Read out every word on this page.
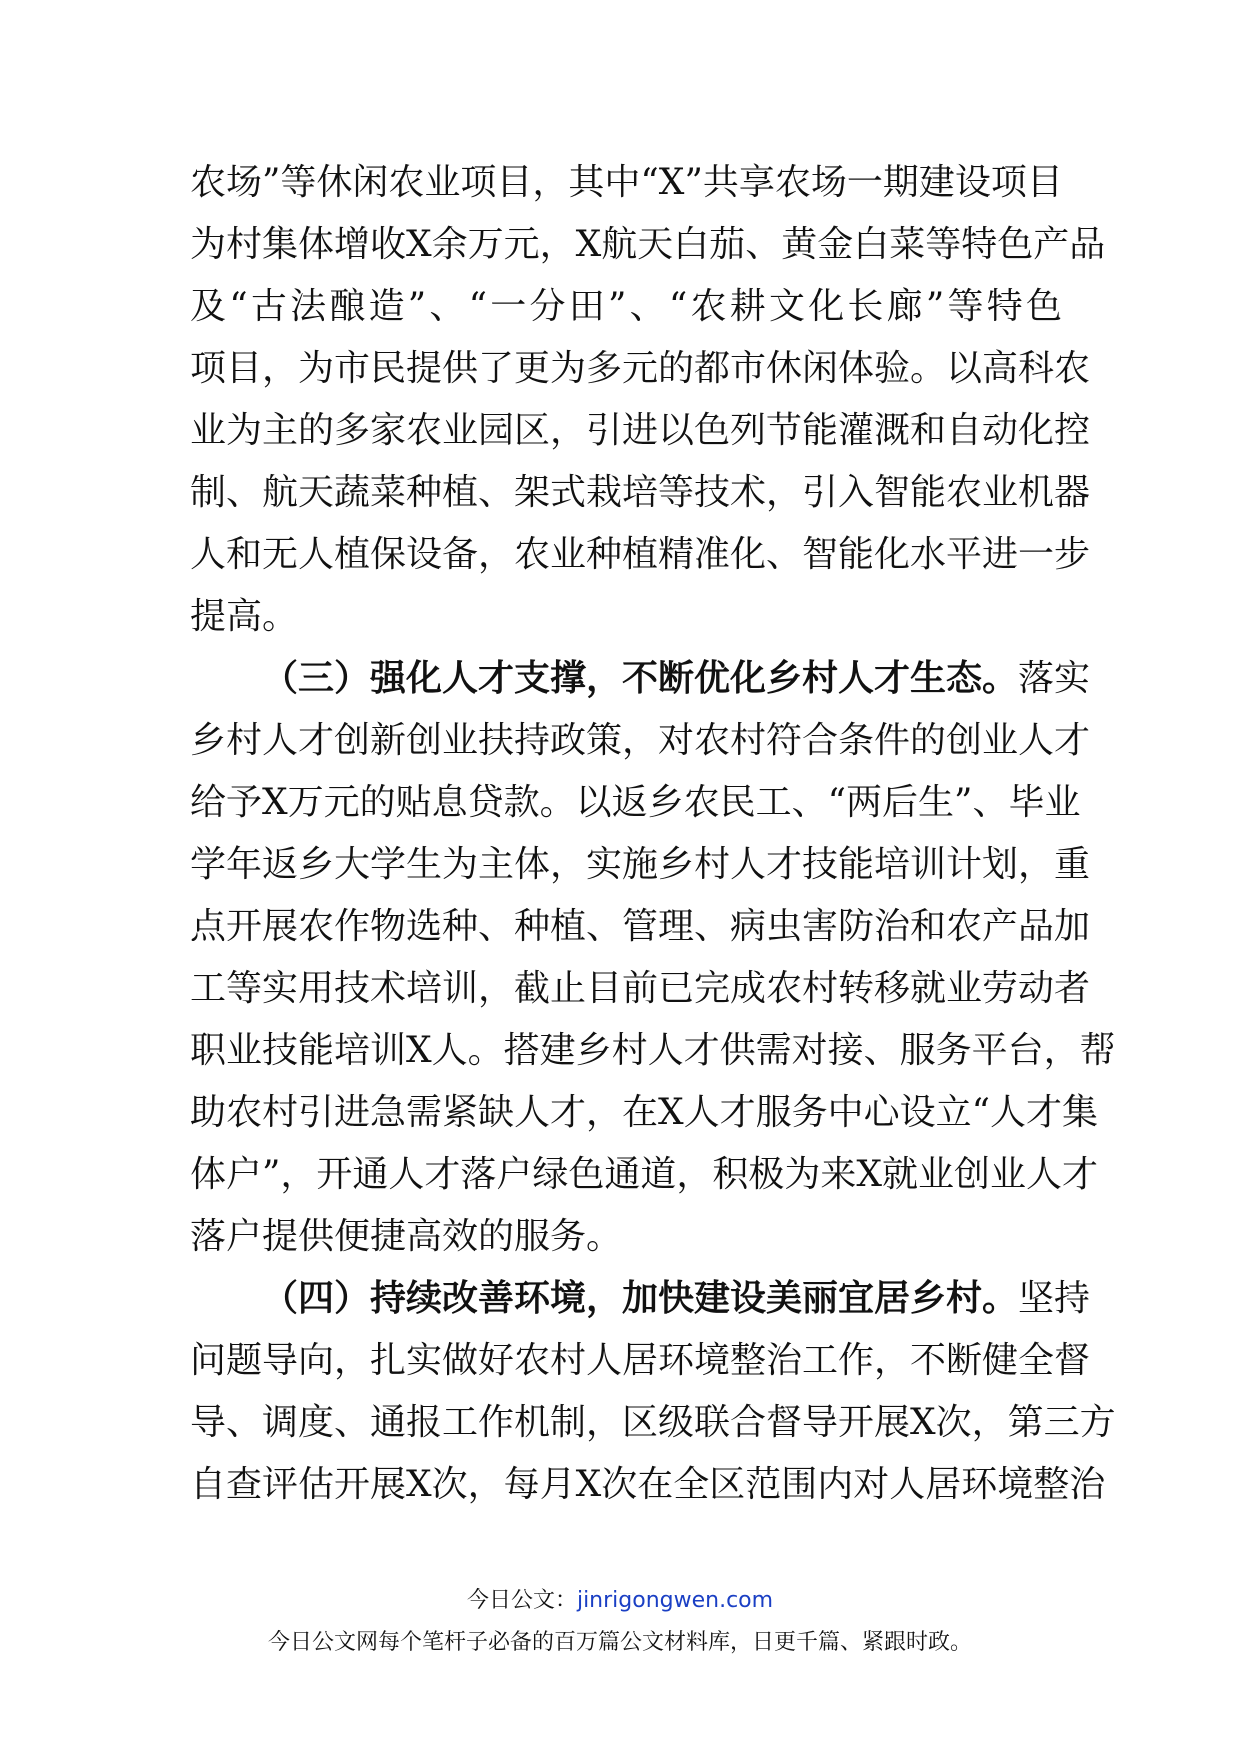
农场”等休闲农业项目，其中“X”共享农场一期建设项目
为村集体增收X余万元，X航天白茄、黄金白菜等特色产品
及“古法酿造”、“一分田”、“农耕文化长廊”等特色
项目，为市民提供了更为多元的都市休闲体验。以高科农
业为主的多家农业园区，引进以色列节能灌溉和自动化控
制、航天蔬菜种植、架式栽培等技术，引入智能农业机器
人和无人植保设备，农业种植精准化、智能化水平进一步
提高。
（三）强化人才支撑，不断优化乡村人才生态。落实
乡村人才创新创业扶持政策，对农村符合条件的创业人才
给予X万元的贴息贷款。以返乡农民工、“两后生”、毕业
学年返乡大学生为主体，实施乡村人才技能培训计划，重
点开展农作物选种、种植、管理、病虫害防治和农产品加
工等实用技术培训，截止目前已完成农村转移就业劳动者
职业技能培训X人。搭建乡村人才供需对接、服务平台，帮
助农村引进急需紧缺人才，在X人才服务中心设立“人才集
体户”，开通人才落户绿色通道，积极为来X就业创业人才
落户提供便捷高效的服务。
（四）持续改善环境，加快建设美丽宜居乡村。坚持
问题导向，扎实做好农村人居环境整治工作，不断健全督
导、调度、通报工作机制，区级联合督导开展X次，第三方
自查评估开展X次，每月X次在全区范围内对人居环境整治
今日公文：jinrigongwen.com
今日公文网每个笔杆子必备的百万篇公文材料库，日更千篇、紧跟时政。
